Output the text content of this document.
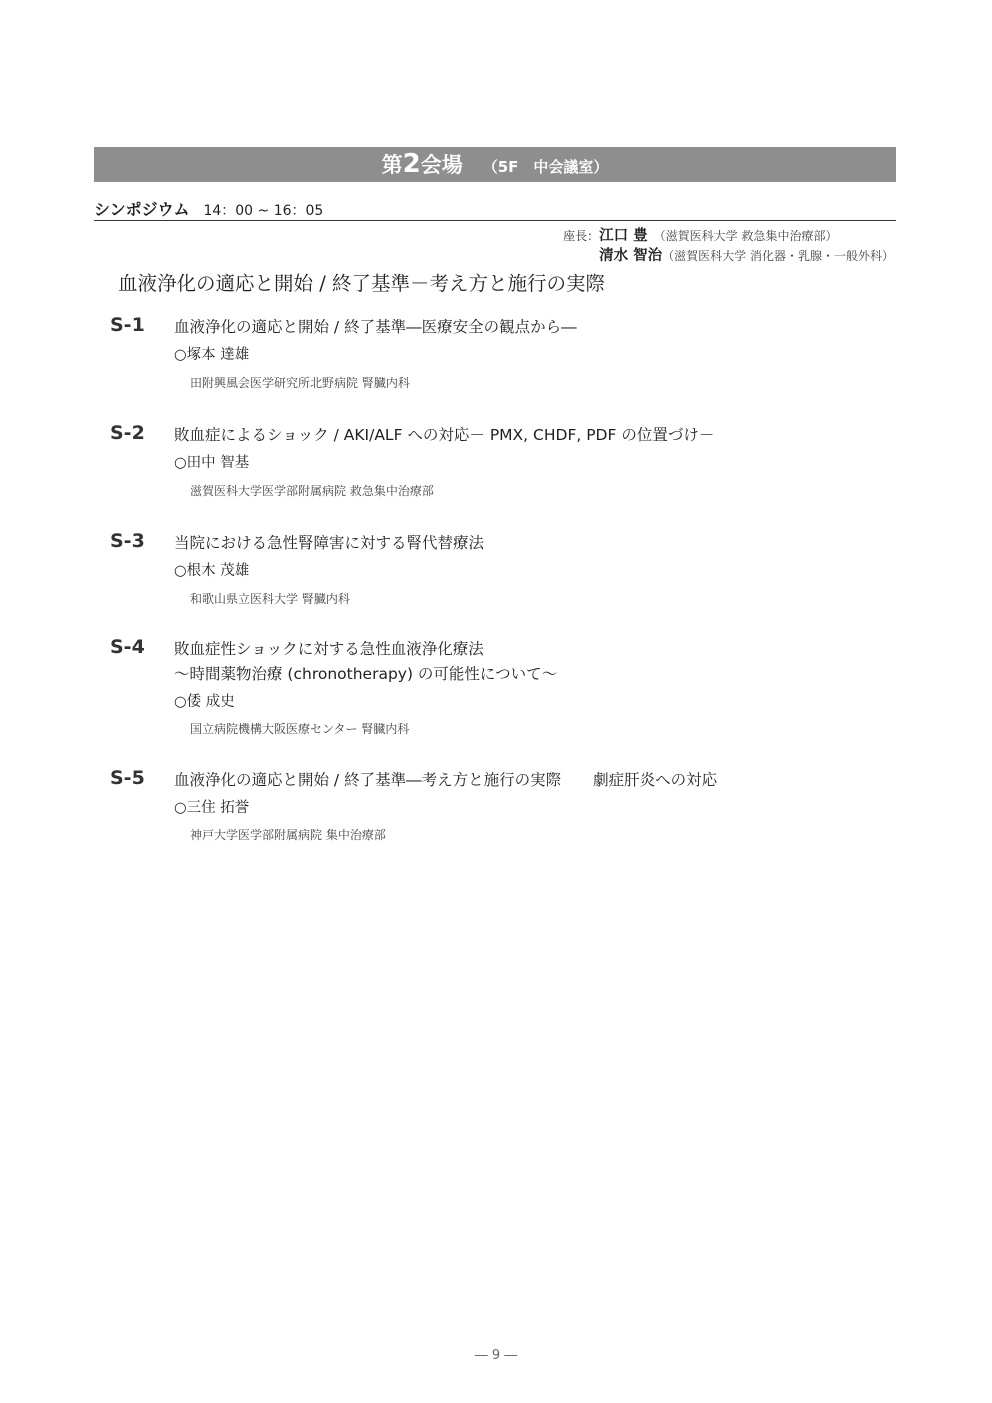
第2会場 （5F　中会議室）
シンポジウム 14：00 ~ 16：05
座長：江口 豊 （滋賀医科大学 救急集中治療部）
清水 智治（滋賀医科大学 消化器・乳腺・一般外科）
血液浄化の適応と開始 / 終了基準－考え方と施行の実際
S-1 血液浄化の適応と開始 / 終了基準―医療安全の観点から―
○塚本 達雄
田附興風会医学研究所北野病院 腎臓内科
S-2 敗血症によるショック / AKI/ALF への対応－ PMX, CHDF, PDF の位置づけ－
○田中 智基
滋賀医科大学医学部附属病院 救急集中治療部
S-3 当院における急性腎障害に対する腎代替療法
○根木 茂雄
和歌山県立医科大学 腎臓内科
S-4 敗血症性ショックに対する急性血液浄化療法
～時間薬物治療 (chronotherapy) の可能性について～
○倭 成史
国立病院機構大阪医療センター 腎臓内科
S-5 血液浄化の適応と開始 / 終了基準―考え方と施行の実際 劇症肝炎への対応
○三住 拓誉
神戸大学医学部附属病院 集中治療部
― 9 ―
